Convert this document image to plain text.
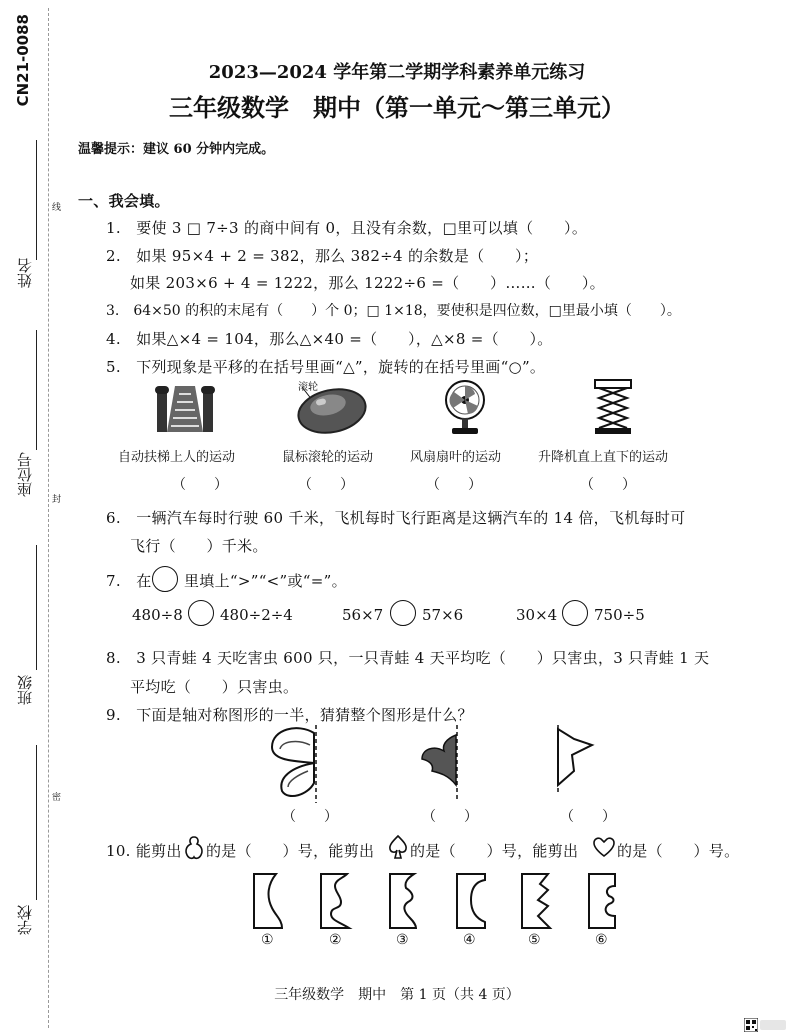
CN21-0088
姓名
线
座位号
封
班级
密
学校
2023—2024 学年第二学期学科素养单元练习
三年级数学　期中（第一单元～第三单元）
温馨提示：建议 60 分钟内完成。
一、我会填。
1.　要使 3 □ 7÷3 的商中间有 0，且没有余数，□里可以填（　　）。
2.　如果 95×4 + 2 = 382，那么 382÷4 的余数是（　　）；
如果 203×6 + 4 = 1222，那么 1222÷6 =（　　）……（　　）。
3.　64×50 的积的末尾有（　　）个 0；□ 1×18，要使积是四位数，□里最小填（　　）。
4.　如果△×4 = 104，那么△×40 =（　　），△×8 =（　　）。
5.　下列现象是平移的在括号里画“△”，旋转的在括号里画“○”。
滚轮
自动扶梯上人的运动	鼠标滚轮的运动	风扇扇叶的运动	升降机直上直下的运动
（　　）	（　　）	（　　）	（　　）
6.　一辆汽车每时行驶 60 千米，飞机每时飞行距离是这辆汽车的 14 倍，飞机每时可
飞行（　　）千米。
7.　在 里填上“>”“<”或“=”。
480÷8 480÷2÷4	56×7	57×6	30×4 750÷5
8.　3 只青蛙 4 天吃害虫 600 只，一只青蛙 4 天平均吃（　　）只害虫，3 只青蛙 1 天
平均吃（　　）只害虫。
9.　下面是轴对称图形的一半，猜猜整个图形是什么？
（　　）	（　　）	（　　）
10. 能剪出 的是（　　）号，能剪出 的是（　　）号，能剪出	的是（　　）号。
①	②	③	④	⑤	⑥
三年级数学　期中　第 1 页（共 4 页）
